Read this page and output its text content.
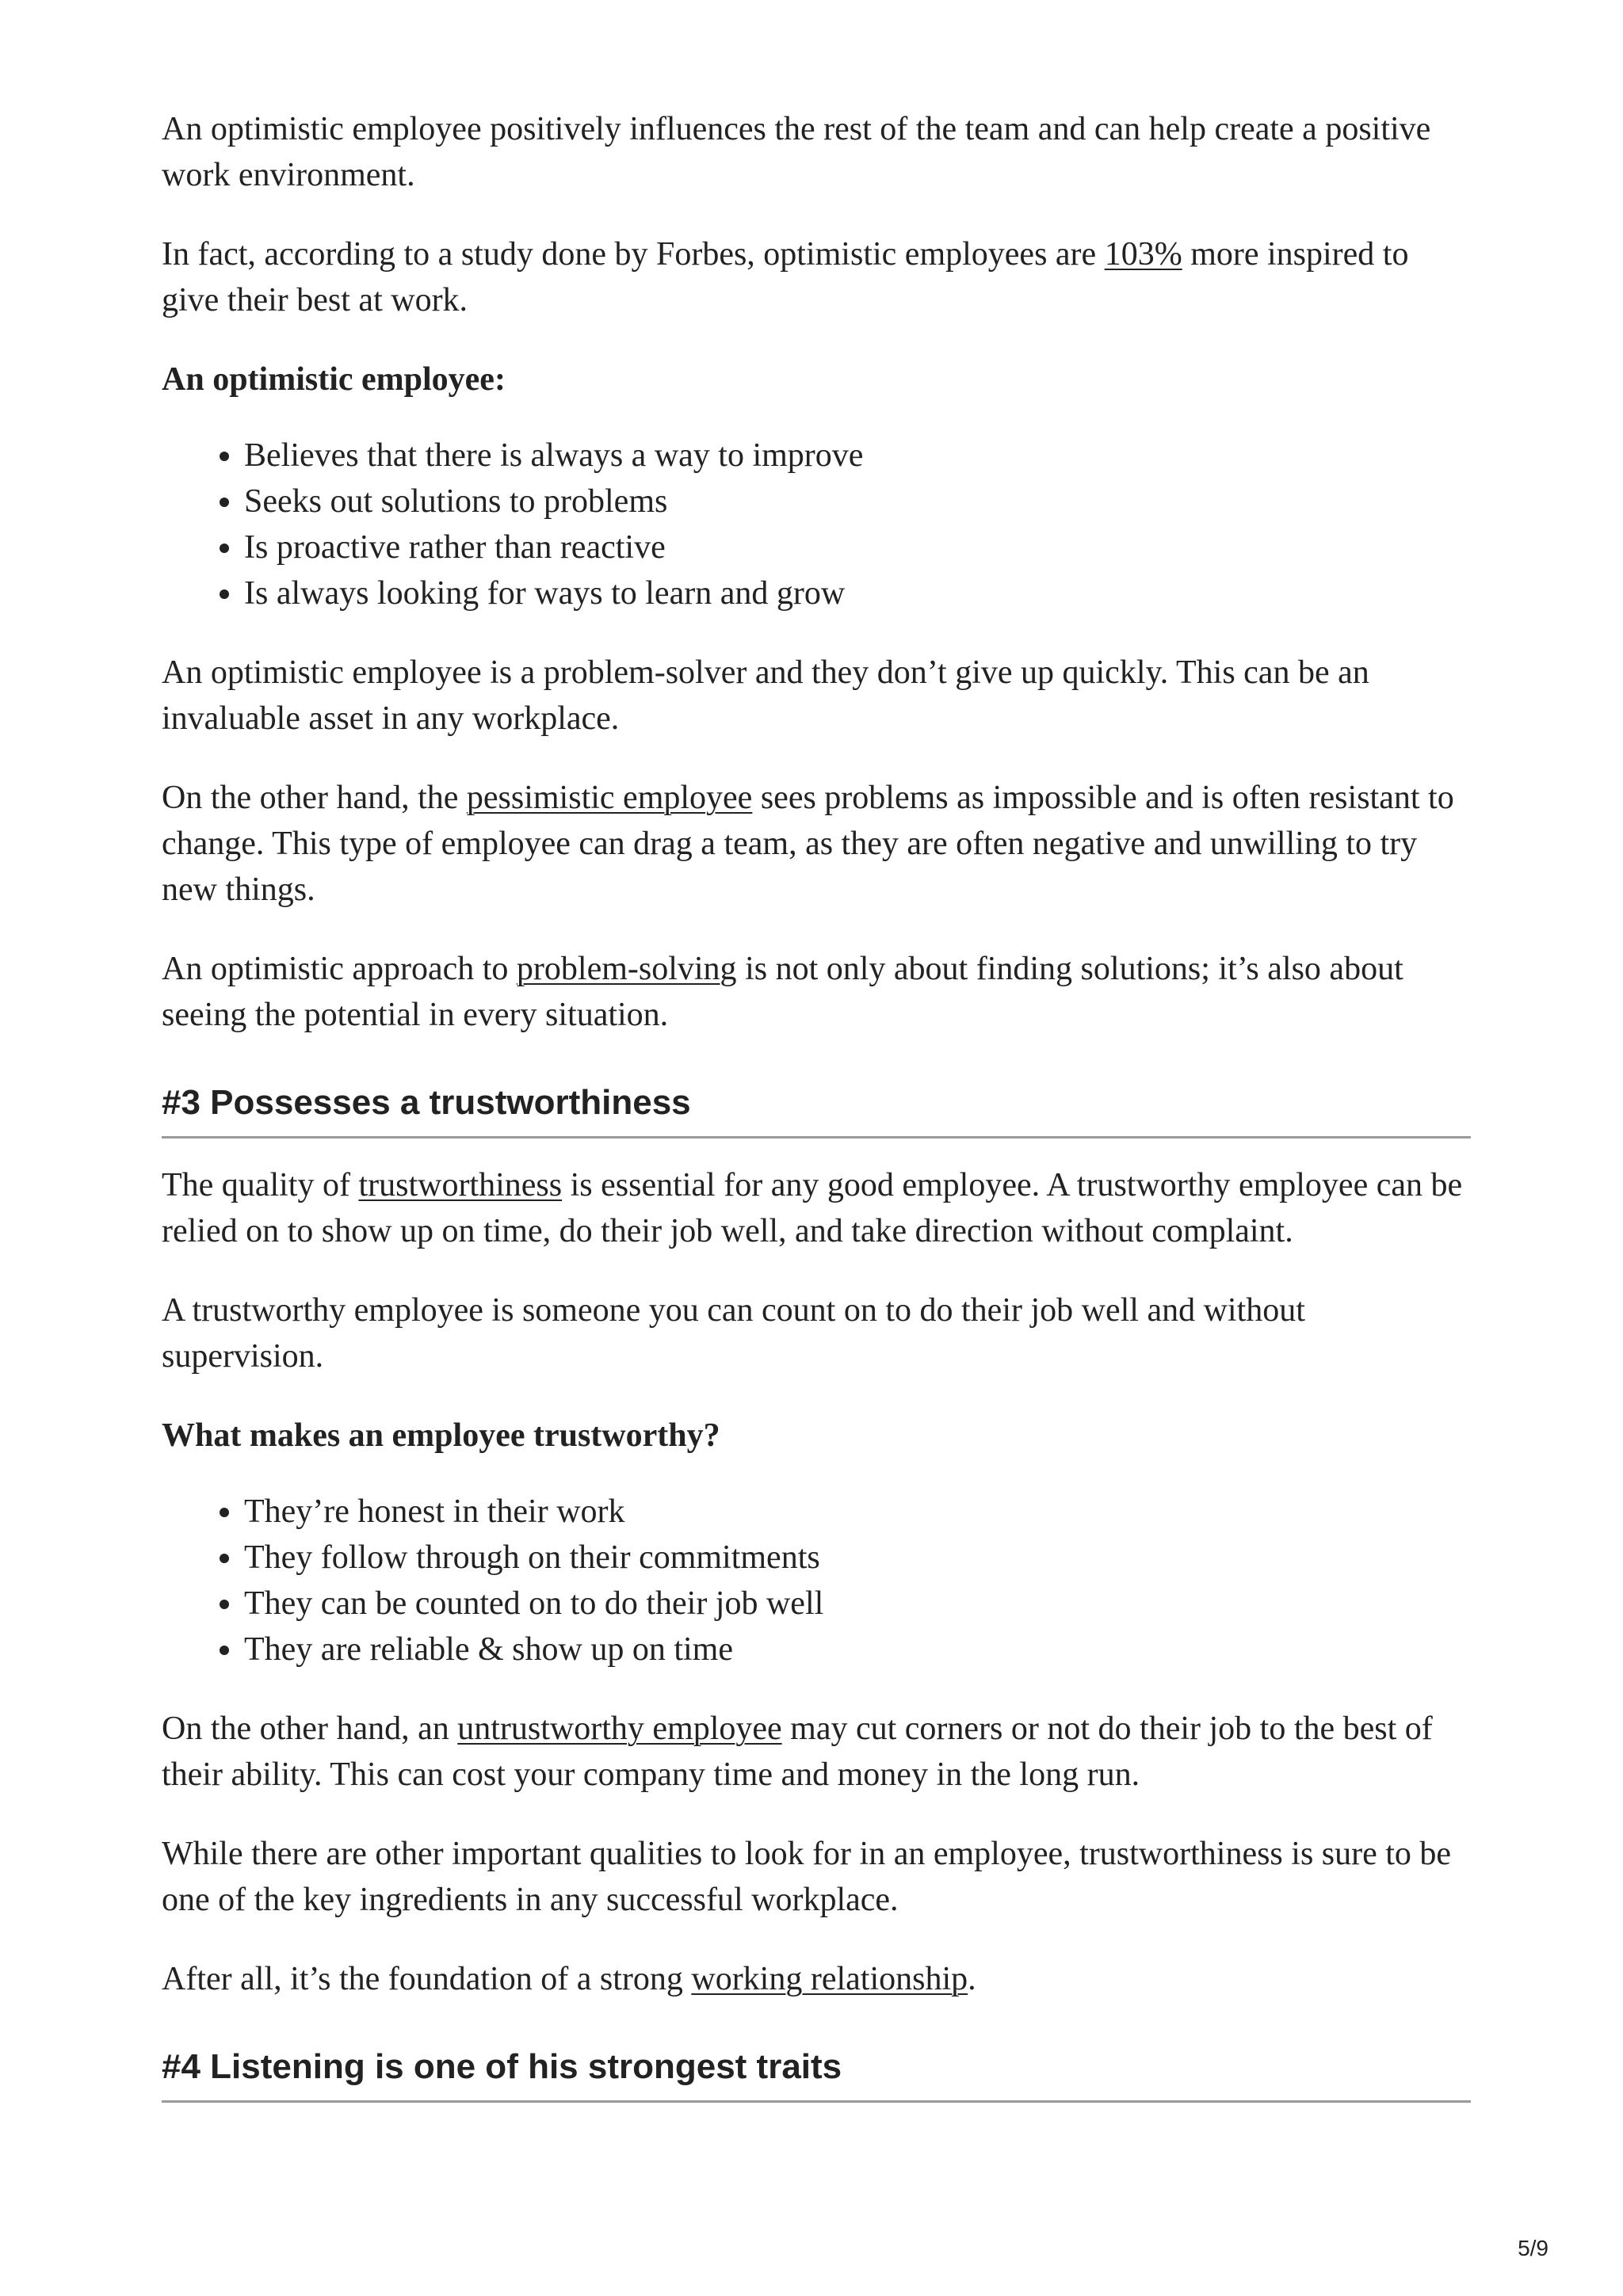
An optimistic employee positively influences the rest of the team and can help create a positive work environment.

In fact, according to a study done by Forbes, optimistic employees are 103% more inspired to give their best at work.

An optimistic employee:

• Believes that there is always a way to improve
• Seeks out solutions to problems
• Is proactive rather than reactive
• Is always looking for ways to learn and grow

An optimistic employee is a problem-solver and they don’t give up quickly. This can be an invaluable asset in any workplace.

On the other hand, the pessimistic employee sees problems as impossible and is often resistant to change. This type of employee can drag a team, as they are often negative and unwilling to try new things.

An optimistic approach to problem-solving is not only about finding solutions; it’s also about seeing the potential in every situation.

#3 Possesses a trustworthiness

The quality of trustworthiness is essential for any good employee. A trustworthy employee can be relied on to show up on time, do their job well, and take direction without complaint.

A trustworthy employee is someone you can count on to do their job well and without supervision.

What makes an employee trustworthy?

• They’re honest in their work
• They follow through on their commitments
• They can be counted on to do their job well
• They are reliable & show up on time

On the other hand, an untrustworthy employee may cut corners or not do their job to the best of their ability. This can cost your company time and money in the long run.

While there are other important qualities to look for in an employee, trustworthiness is sure to be one of the key ingredients in any successful workplace.

After all, it’s the foundation of a strong working relationship.

#4 Listening is one of his strongest traits
5/9
